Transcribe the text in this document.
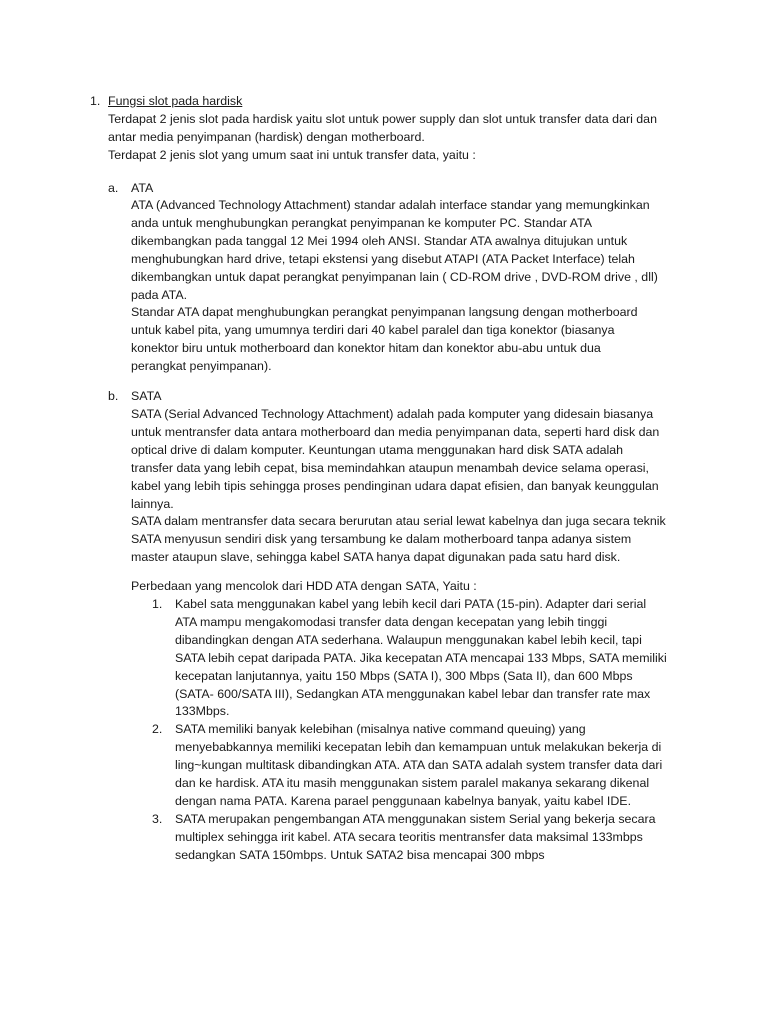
1. Fungsi slot pada hardisk
Terdapat 2 jenis slot pada hardisk yaitu slot untuk power supply dan slot untuk transfer data dari dan
antar media penyimpanan (hardisk) dengan motherboard.
Terdapat 2 jenis slot yang umum saat ini untuk transfer data, yaitu :
a. ATA
ATA (Advanced Technology Attachment) standar adalah interface standar yang memungkinkan
anda untuk menghubungkan perangkat penyimpanan ke komputer PC. Standar ATA
dikembangkan pada tanggal 12 Mei 1994 oleh ANSI. Standar ATA awalnya ditujukan untuk
menghubungkan hard drive, tetapi ekstensi yang disebut ATAPI (ATA Packet Interface) telah
dikembangkan untuk dapat perangkat penyimpanan lain ( CD-ROM drive , DVD-ROM drive , dll)
pada ATA.
Standar ATA dapat menghubungkan perangkat penyimpanan langsung dengan motherboard
untuk kabel pita, yang umumnya terdiri dari 40 kabel paralel dan tiga konektor (biasanya
konektor biru untuk motherboard dan konektor hitam dan konektor abu-abu untuk dua
perangkat penyimpanan).
b. SATA
SATA (Serial Advanced Technology Attachment) adalah pada komputer yang didesain biasanya
untuk mentransfer data antara motherboard dan media penyimpanan data, seperti hard disk dan
optical drive di dalam komputer. Keuntungan utama menggunakan hard disk SATA adalah
transfer data yang lebih cepat, bisa memindahkan ataupun menambah device selama operasi,
kabel yang lebih tipis sehingga proses pendinginan udara dapat efisien, dan banyak keunggulan
lainnya.
SATA dalam mentransfer data secara berurutan atau serial lewat kabelnya dan juga secara teknik
SATA menyusun sendiri disk yang tersambung ke dalam motherboard tanpa adanya sistem
master ataupun slave, sehingga kabel SATA hanya dapat digunakan pada satu hard disk.
Perbedaan yang mencolok dari HDD ATA dengan SATA, Yaitu :
1. Kabel sata menggunakan kabel yang lebih kecil dari PATA (15-pin). Adapter dari serial
ATA mampu mengakomodasi transfer data dengan kecepatan yang lebih tinggi
dibandingkan dengan ATA sederhana. Walaupun menggunakan kabel lebih kecil, tapi
SATA lebih cepat daripada PATA. Jika kecepatan ATA mencapai 133 Mbps, SATA memiliki
kecepatan lanjutannya, yaitu 150 Mbps (SATA I), 300 Mbps (Sata II), dan 600 Mbps
(SATA- 600/SATA III), Sedangkan ATA menggunakan kabel lebar dan transfer rate max
133Mbps.
2. SATA memiliki banyak kelebihan (misalnya native command queuing) yang
menyebabkannya memiliki kecepatan lebih dan kemampuan untuk melakukan bekerja di
ling~kungan multitask dibandingkan ATA. ATA dan SATA adalah system transfer data dari
dan ke hardisk. ATA itu masih menggunakan sistem paralel makanya sekarang dikenal
dengan nama PATA. Karena parael penggunaan kabelnya banyak, yaitu kabel IDE.
3. SATA merupakan pengembangan ATA menggunakan sistem Serial yang bekerja secara
multiplex sehingga irit kabel. ATA secara teoritis mentransfer data maksimal 133mbps
sedangkan SATA 150mbps. Untuk SATA2 bisa mencapai 300 mbps
